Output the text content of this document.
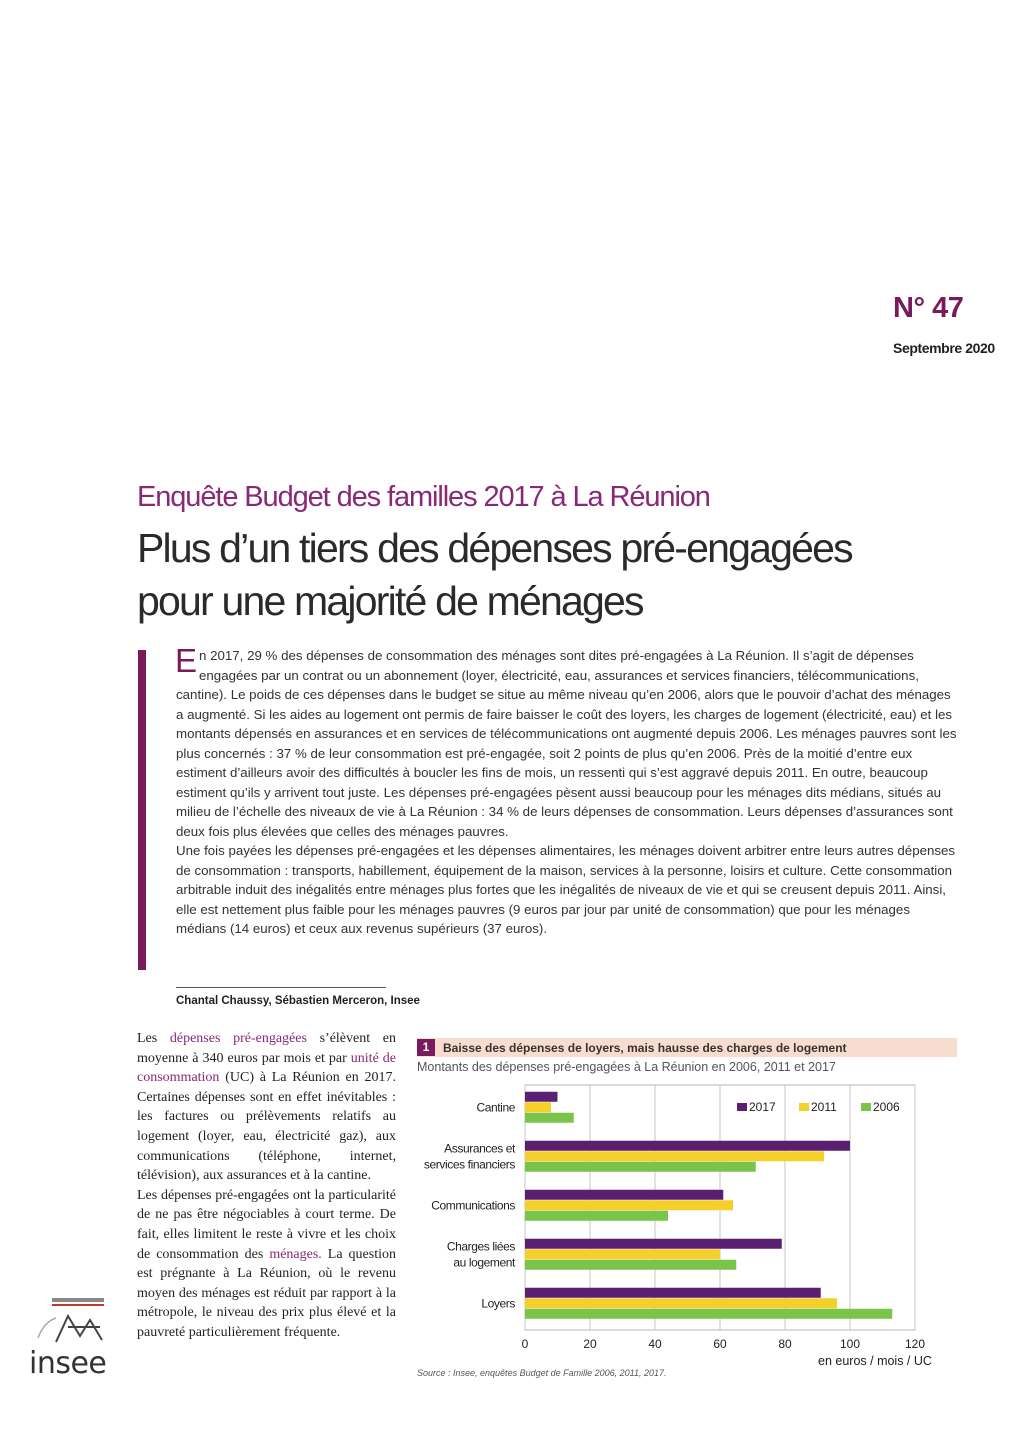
N° 47
Septembre 2020
Enquête Budget des familles 2017 à La Réunion
Plus d’un tiers des dépenses pré-engagées pour une majorité de ménages

En 2017, 29 % des dépenses de consommation des ménages sont dites pré-engagées à La Réunion. Il s’agit de dépenses engagées par un contrat ou un abonnement (loyer, électricité, eau, assurances et services financiers, télécommunications, cantine). Le poids de ces dépenses dans le budget se situe au même niveau qu’en 2006, alors que le pouvoir d’achat des ménages a augmenté. Si les aides au logement ont permis de faire baisser le coût des loyers, les charges de logement (électricité, eau) et les montants dépensés en assurances et en services de télécommunications ont augmenté depuis 2006. Les ménages pauvres sont les plus concernés : 37 % de leur consommation est pré-engagée, soit 2 points de plus qu’en 2006. Près de la moitié d’entre eux estiment d’ailleurs avoir des difficultés à boucler les fins de mois, un ressenti qui s’est aggravé depuis 2011. En outre, beaucoup estiment qu’ils y arrivent tout juste. Les dépenses pré-engagées pèsent aussi beaucoup pour les ménages dits médians, situés au milieu de l’échelle des niveaux de vie à La Réunion : 34 % de leurs dépenses de consommation. Leurs dépenses d’assurances sont deux fois plus élevées que celles des ménages pauvres.

Une fois payées les dépenses pré-engagées et les dépenses alimentaires, les ménages doivent arbitrer entre leurs autres dépenses de consommation : transports, habillement, équipement de la maison, services à la personne, loisirs et culture. Cette consommation arbitrable induit des inégalités entre ménages plus fortes que les inégalités de niveaux de vie et qui se creusent depuis 2011. Ainsi, elle est nettement plus faible pour les ménages pauvres (9 euros par jour par unité de consommation) que pour les ménages médians (14 euros) et ceux aux revenus supérieurs (37 euros).

Chantal Chaussy, Sébastien Merceron, Insee

Les dépenses pré-engagées s’élèvent en moyenne à 340 euros par mois et par unité de consommation (UC) à La Réunion en 2017. Certaines dépenses sont en effet inévitables : les factures ou prélèvements relatifs au logement (loyer, eau, électricité gaz), aux communications (téléphone, internet, télévision), aux assurances et à la cantine.

Les dépenses pré-engagées ont la particularité de ne pas être négociables à court terme. De fait, elles limitent le reste à vivre et les choix de consommation des ménages. La question est prégnante à La Réunion, où le revenu moyen des ménages est réduit par rapport à la métropole, le niveau des prix plus élevé et la pauvreté particulièrement fréquente.

insee
1	Baisse des dépenses de loyers, mais hausse des charges de logement
Montants des dépenses pré-engagées à La Réunion en 2006, 2011 et 2017
0	20	40	60	80	100	120
Cantine
Assurances et
services financiers
Communications
Charges liées
au logement
Loyers
2017	2011	2006
en euros / mois / UC
Source : Insee, enquêtes Budget de Famille 2006, 2011, 2017.
